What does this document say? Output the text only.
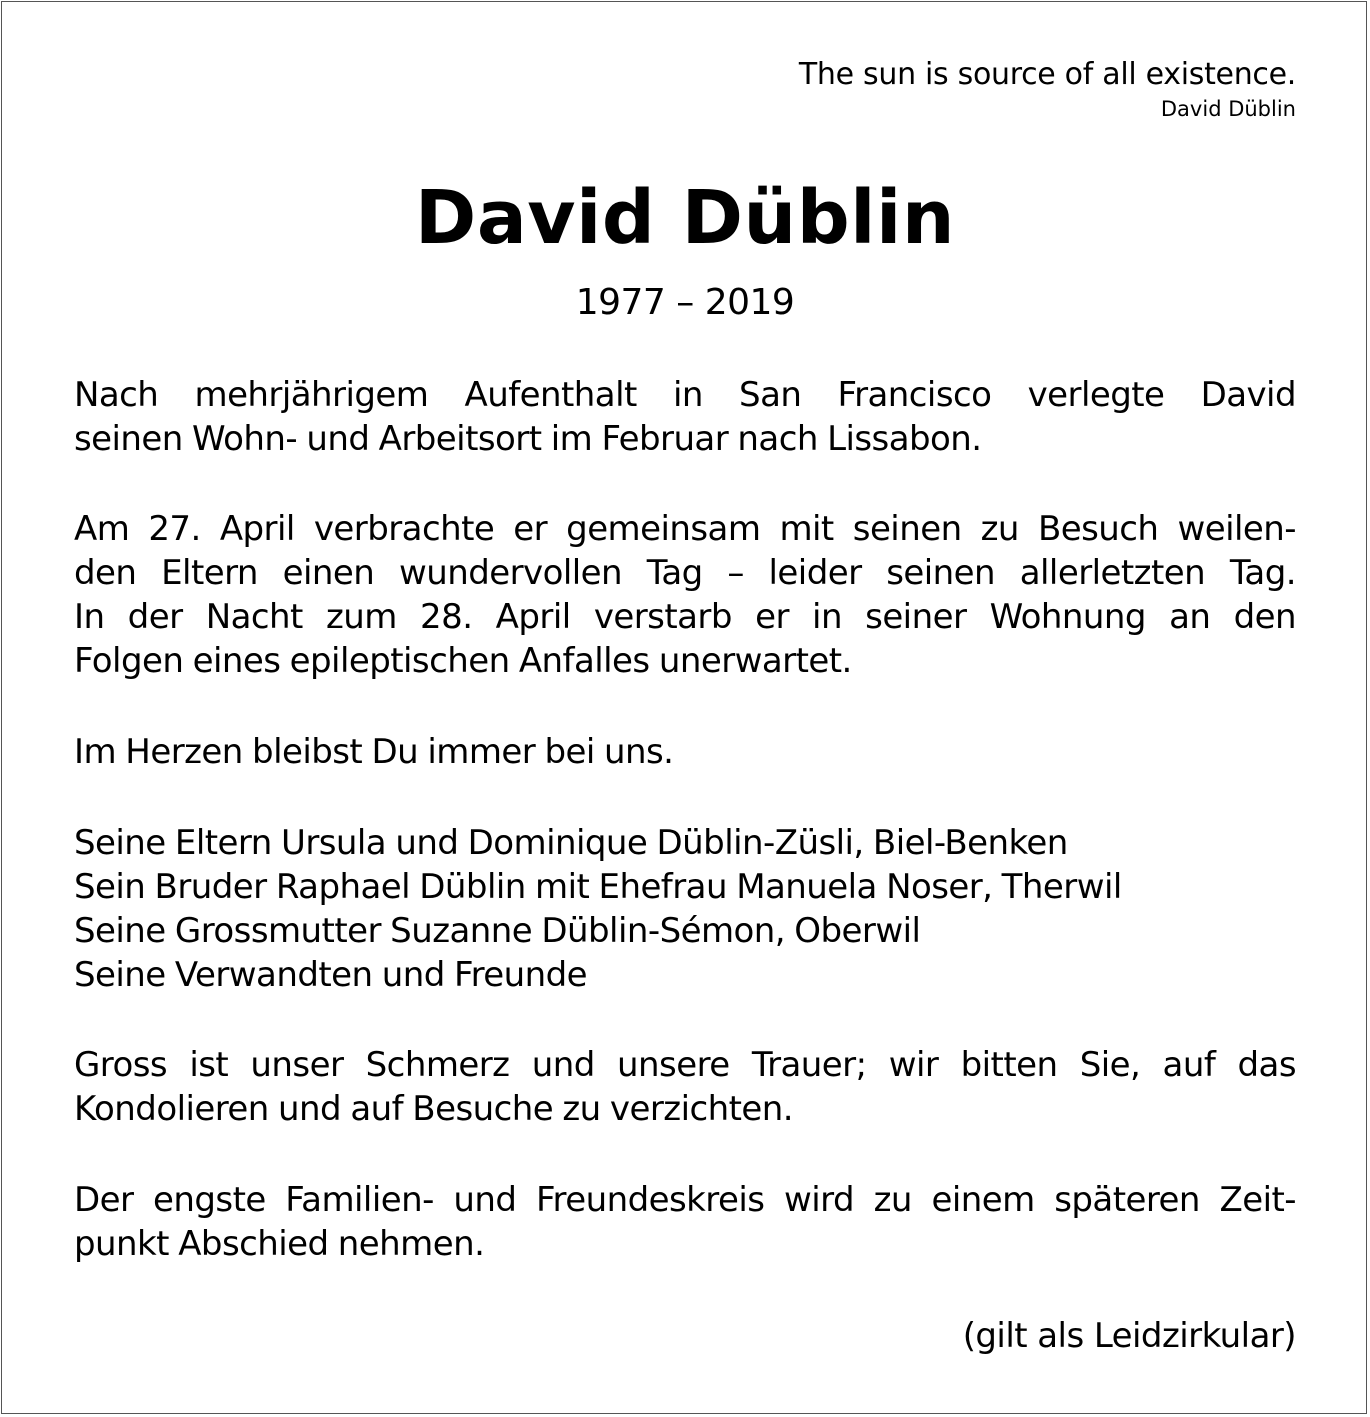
The sun is source of all existence.
David Düblin
David Düblin
1977 – 2019
Nach mehrjährigem Aufenthalt in San Francisco verlegte David
seinen Wohn- und Arbeitsort im Februar nach Lissabon.
Am 27. April verbrachte er gemeinsam mit seinen zu Besuch weilen-
den Eltern einen wundervollen Tag – leider seinen allerletzten Tag.
In der Nacht zum 28. April verstarb er in seiner Wohnung an den
Folgen eines epileptischen Anfalles unerwartet.
Im Herzen bleibst Du immer bei uns.
Seine Eltern Ursula und Dominique Düblin-Züsli, Biel-Benken
Sein Bruder Raphael Düblin mit Ehefrau Manuela Noser, Therwil
Seine Grossmutter Suzanne Düblin-Sémon, Oberwil
Seine Verwandten und Freunde
Gross ist unser Schmerz und unsere Trauer; wir bitten Sie, auf das
Kondolieren und auf Besuche zu verzichten.
Der engste Familien- und Freundeskreis wird zu einem späteren Zeit-
punkt Abschied nehmen.
(gilt als Leidzirkular)
